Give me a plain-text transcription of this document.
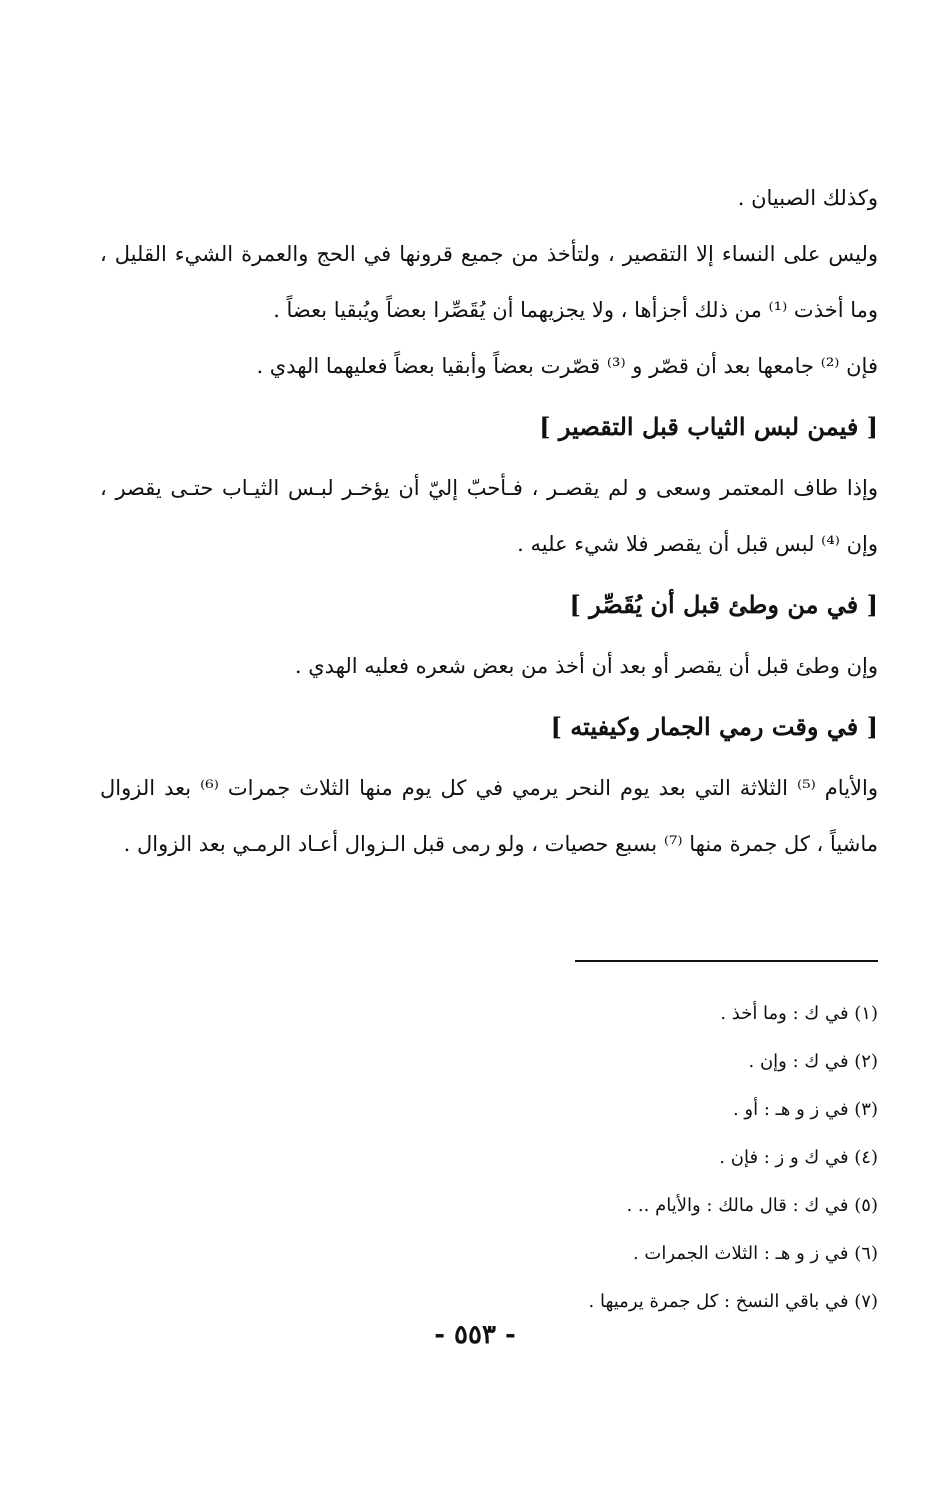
وكذلك الصبيان .

وليس على النساء إلا التقصير ، ولتأخذ من جميع قرونها في الحج والعمرة الشيء القليل ، وما أخذت ⁽¹⁾ من ذلك أجزأها ، ولا يجزيهما أن يُقَصِّرا بعضاً ويُبقيا بعضاً .

فإن ⁽²⁾ جامعها بعد أن قصّر و ⁽³⁾ قصّرت بعضاً وأبقيا بعضاً فعليهما الهدي .

[ فيمن لبس الثياب قبل التقصير ]

وإذا طاف المعتمر وسعى و لم يقصـر ، فـأحبّ إليّ أن يؤخـر لبـس الثيـاب حتـى يقصر ، وإن ⁽⁴⁾ لبس قبل أن يقصر فلا شيء عليه .

[ في من وطئ قبل أن يُقَصِّر ]

وإن وطئ قبل أن يقصر أو بعد أن أخذ من بعض شعره فعليه الهدي .

[ في وقت رمي الجمار وكيفيته ]

والأيام ⁽⁵⁾ الثلاثة التي بعد يوم النحر يرمي في كل يوم منها الثلاث جمرات ⁽⁶⁾ بعد الزوال ماشياً ، كل جمرة منها ⁽⁷⁾ بسبع حصيات ، ولو رمى قبل الـزوال أعـاد الرمـي بعد الزوال .

(١) في ك : وما أخذ .

(٢) في ك : وإن .

(٣) في ز و هـ : أو .

(٤) في ك و ز : فإن .

(٥) في ك : قال مالك : والأيام .. .

(٦) في ز و هـ : الثلاث الجمرات .

(٧) في باقي النسخ : كل جمرة يرميها .

- ٥٥٣ -
